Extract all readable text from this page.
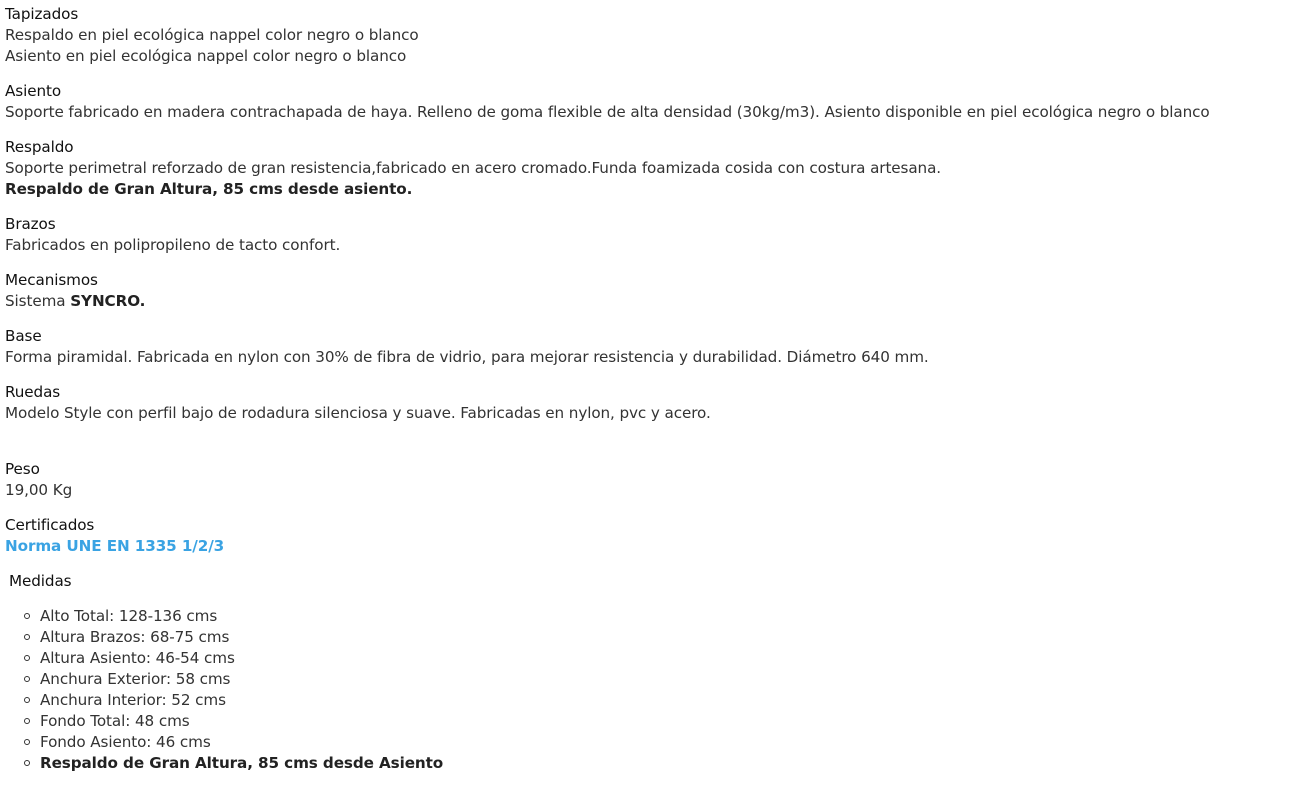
Tapizados
Respaldo en piel ecológica nappel color negro o blanco
Asiento en piel ecológica nappel color negro o blanco
Asiento
Soporte fabricado en madera contrachapada de haya. Relleno de goma flexible de alta densidad (30kg/m3). Asiento disponible en piel ecológica negro o blanco
Respaldo
Soporte perimetral reforzado de gran resistencia,fabricado en acero cromado.Funda foamizada cosida con costura artesana.
Respaldo de Gran Altura, 85 cms desde asiento.
Brazos
Fabricados en polipropileno de tacto confort.
Mecanismos
Sistema SYNCRO.
Base
Forma piramidal. Fabricada en nylon con 30% de fibra de vidrio, para mejorar resistencia y durabilidad. Diámetro 640 mm.
Ruedas
Modelo Style con perfil bajo de rodadura silenciosa y suave. Fabricadas en nylon, pvc y acero.
Peso
19,00 Kg
Certificados
Norma UNE EN 1335 1/2/3
Medidas
Alto Total: 128-136 cms
Altura Brazos: 68-75 cms
Altura Asiento: 46-54 cms
Anchura Exterior: 58 cms
Anchura Interior: 52 cms
Fondo Total: 48 cms
Fondo Asiento: 46 cms
Respaldo de Gran Altura, 85 cms desde Asiento
